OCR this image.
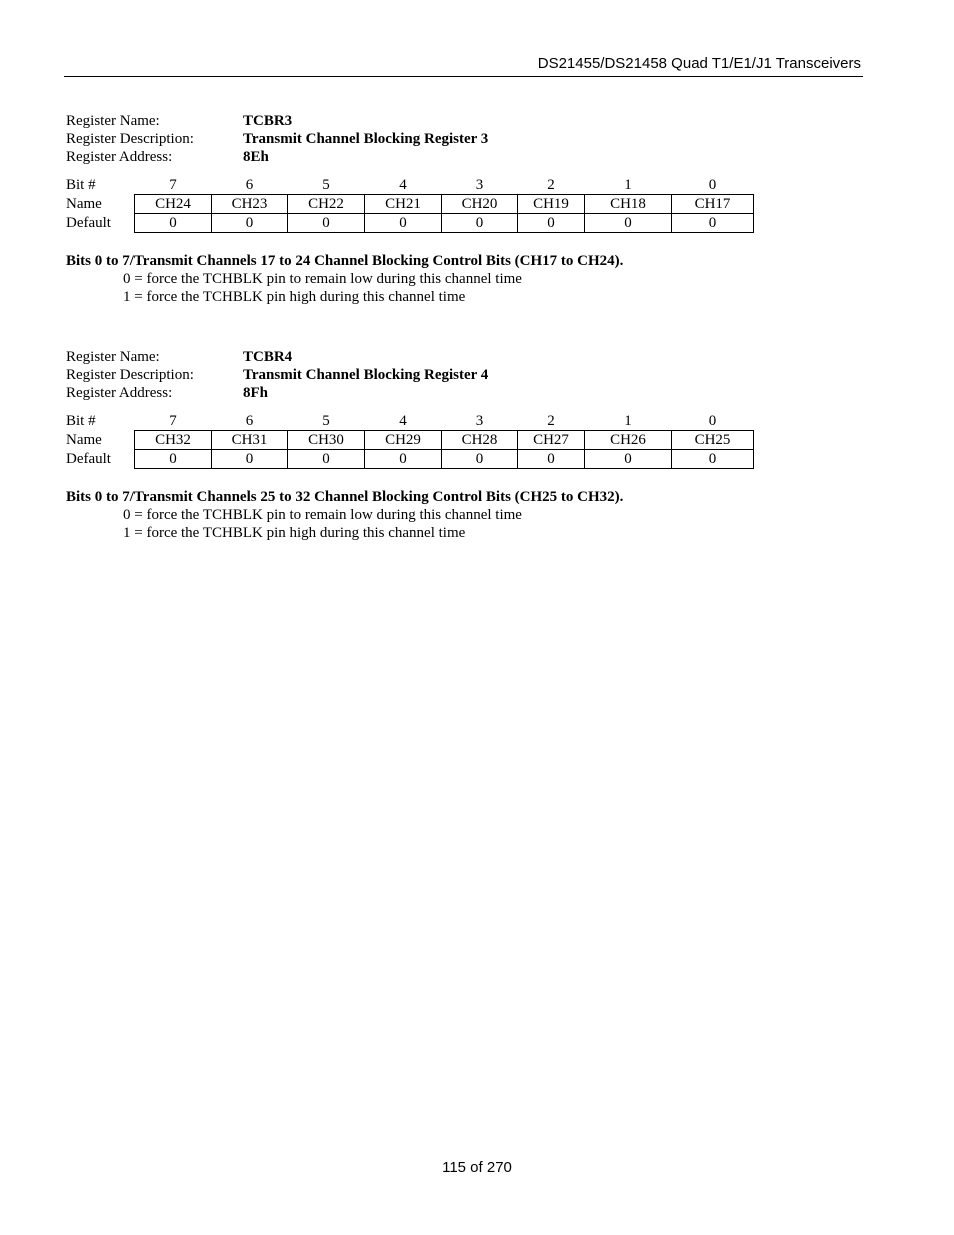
DS21455/DS21458 Quad T1/E1/J1 Transceivers
Register Name:	TCBR3
Register Description:	Transmit Channel Blocking Register 3
Register Address:	8Eh
Bit #	7	6	5	4	3	2	1	0
Name	CH24	CH23	CH22	CH21	CH20	CH19	CH18	CH17
Default	0	0	0	0	0	0	0	0
Bits 0 to 7/Transmit Channels 17 to 24 Channel Blocking Control Bits (CH17 to CH24).
0 = force the TCHBLK pin to remain low during this channel time
1 = force the TCHBLK pin high during this channel time
Register Name:	TCBR4
Register Description:	Transmit Channel Blocking Register 4
Register Address:	8Fh
Bit #	7	6	5	4	3	2	1	0
Name	CH32	CH31	CH30	CH29	CH28	CH27	CH26	CH25
Default	0	0	0	0	0	0	0	0
Bits 0 to 7/Transmit Channels 25 to 32 Channel Blocking Control Bits (CH25 to CH32).
0 = force the TCHBLK pin to remain low during this channel time
1 = force the TCHBLK pin high during this channel time
115 of 270
